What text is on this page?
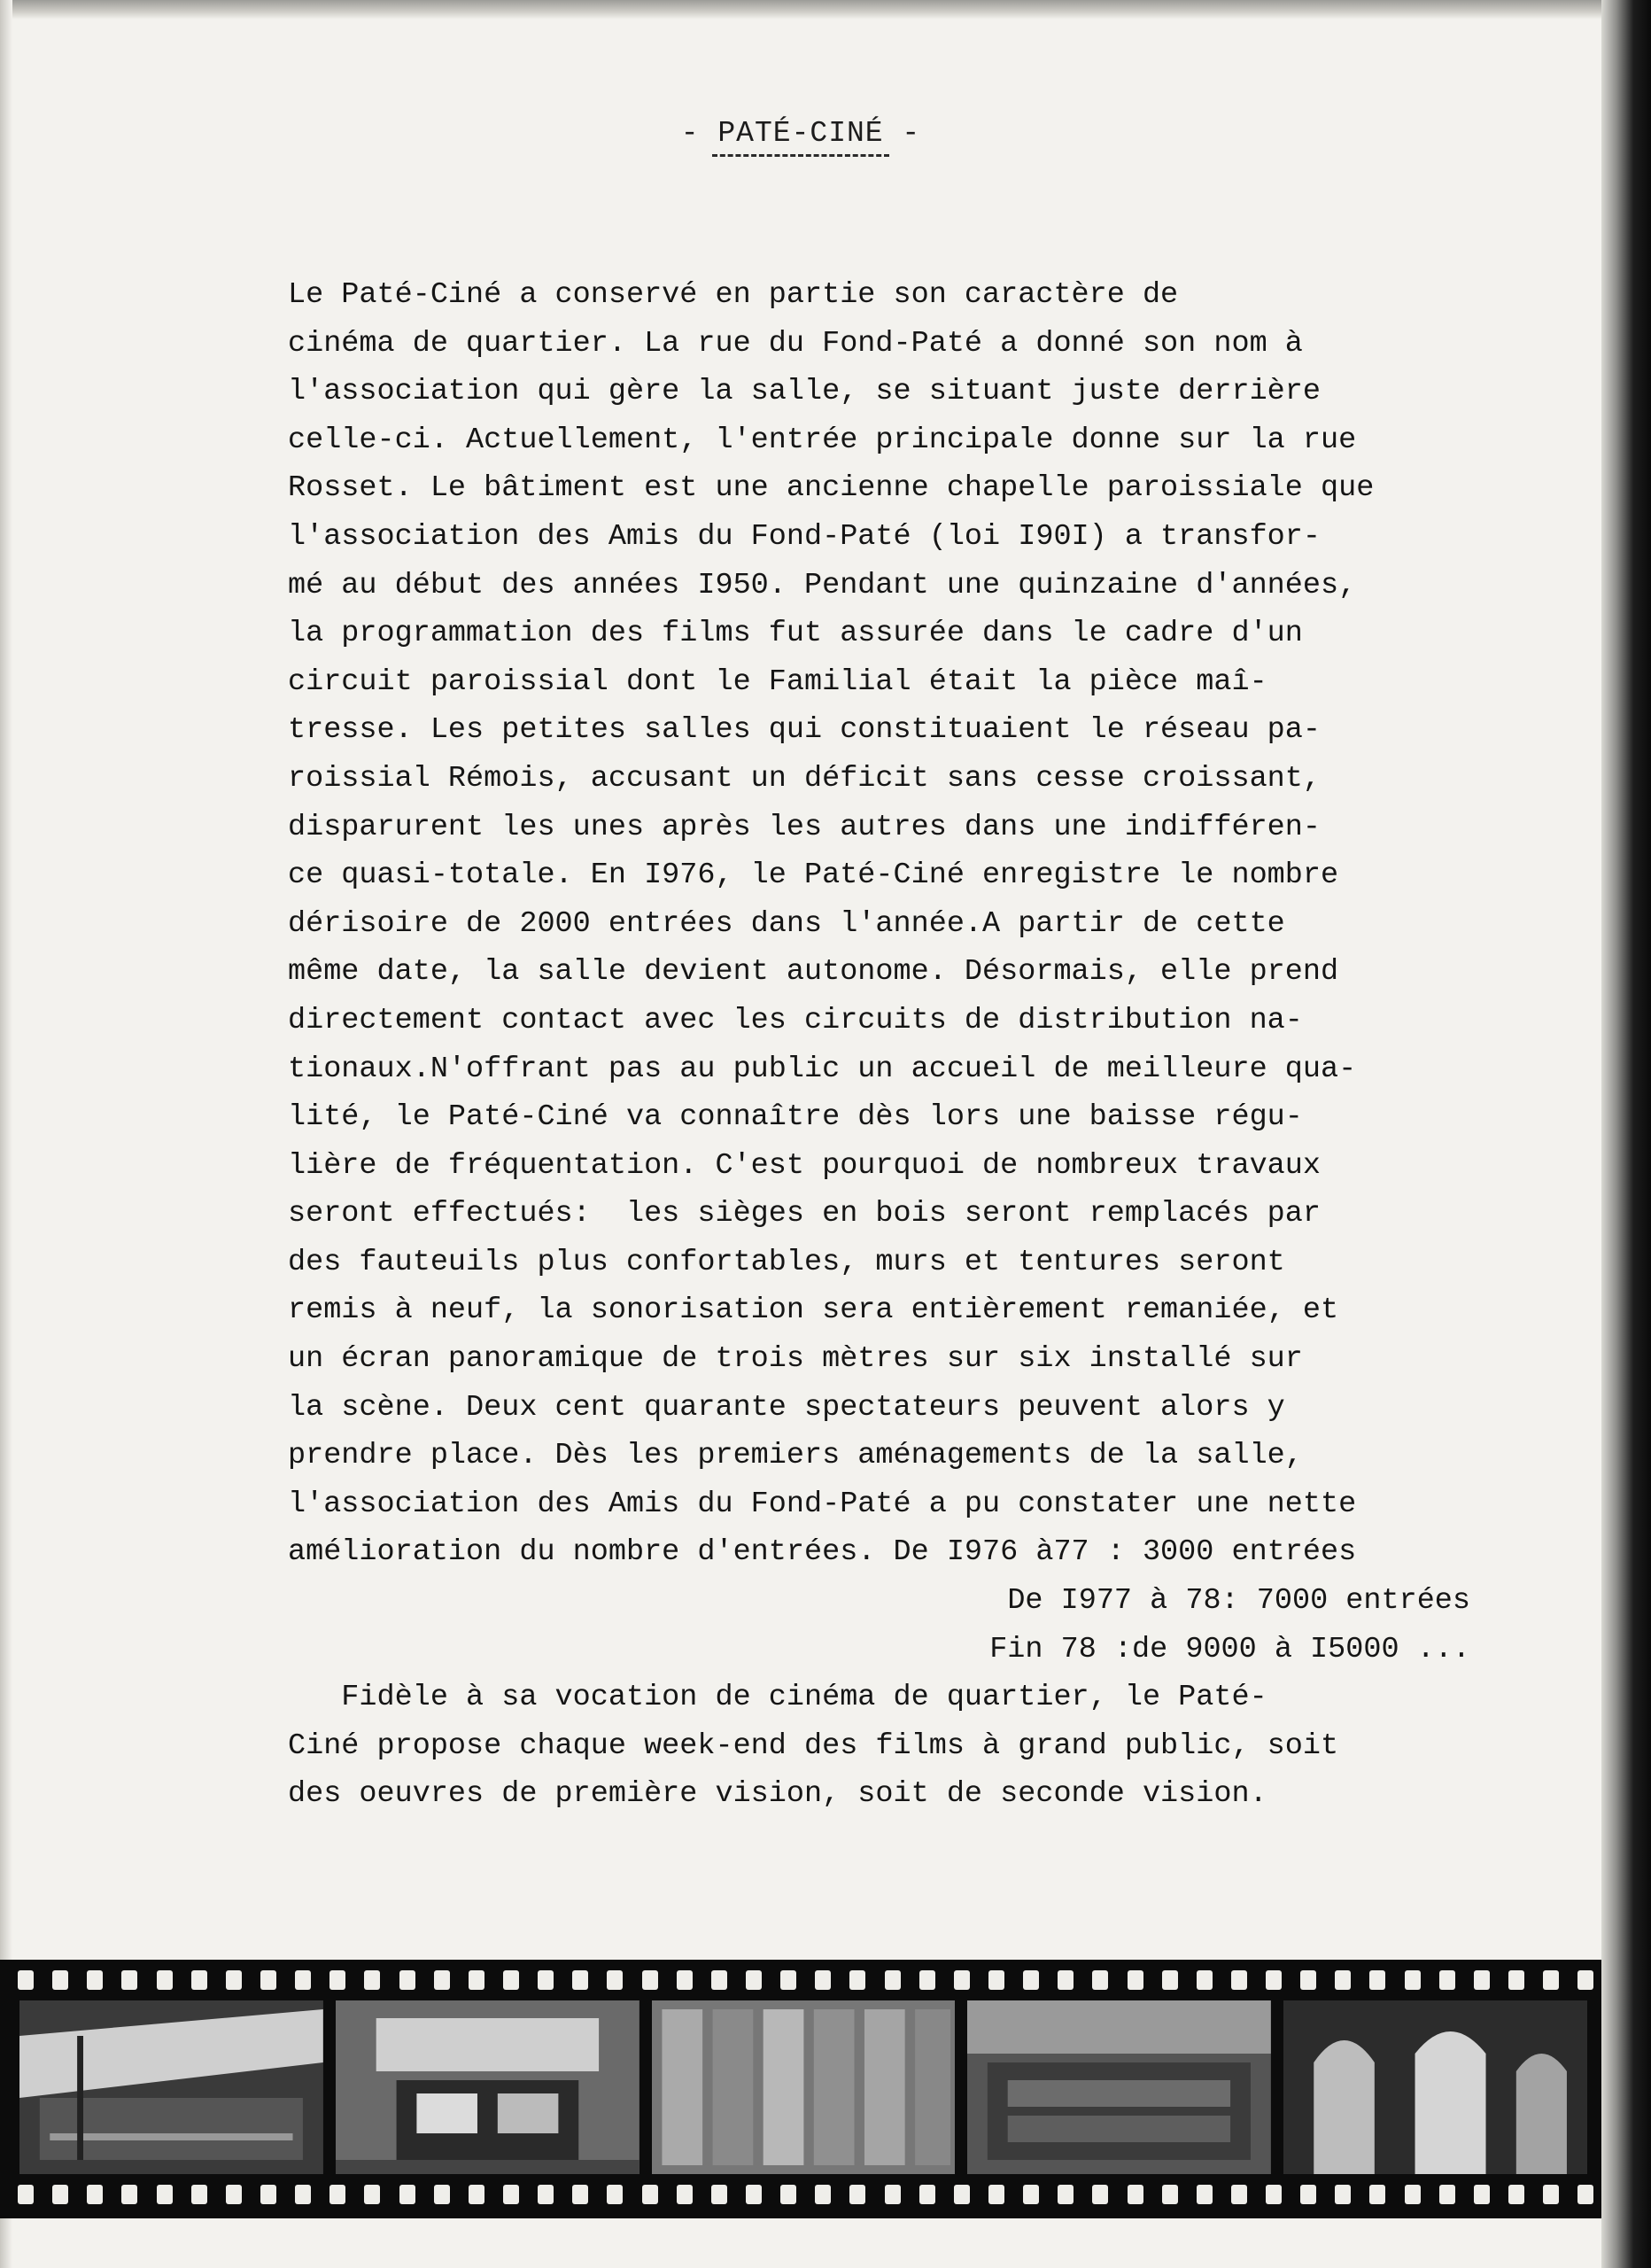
- PATÉ-CINÉ -
Le Paté-Ciné a conservé en partie son caractère de
cinéma de quartier. La rue du Fond-Paté a donné son nom à
l'association qui gère la salle, se situant juste derrière
celle-ci. Actuellement, l'entrée principale donne sur la rue
Rosset. Le bâtiment est une ancienne chapelle paroissiale que
l'association des Amis du Fond-Paté (loi I90I) a transfor-
mé au début des années I950. Pendant une quinzaine d'années,
la programmation des films fut assurée dans le cadre d'un
circuit paroissial dont le Familial était la pièce maî-
tresse. Les petites salles qui constituaient le réseau pa-
roissial Rémois, accusant un déficit sans cesse croissant,
disparurent les unes après les autres dans une indifféren-
ce quasi-totale. En I976, le Paté-Ciné enregistre le nombre
dérisoire de 2000 entrées dans l'année.A partir de cette
même date, la salle devient autonome. Désormais, elle prend
directement contact avec les circuits de distribution na-
tionaux.N'offrant pas au public un accueil de meilleure qua-
lité, le Paté-Ciné va connaître dès lors une baisse régu-
lière de fréquentation. C'est pourquoi de nombreux travaux
seront effectués:  les sièges en bois seront remplacés par
des fauteuils plus confortables, murs et tentures seront
remis à neuf, la sonorisation sera entièrement remaniée, et
un écran panoramique de trois mètres sur six installé sur
la scène. Deux cent quarante spectateurs peuvent alors y
prendre place. Dès les premiers aménagements de la salle,
l'association des Amis du Fond-Paté a pu constater une nette
amélioration du nombre d'entrées. De I976 à77 : 3000 entrées
De I977 à 78: 7000 entrées
Fin 78 :de 9000 à I5000 ...
Fidèle à sa vocation de cinéma de quartier, le Paté-
Ciné propose chaque week-end des films à grand public, soit
des oeuvres de première vision, soit de seconde vision.
